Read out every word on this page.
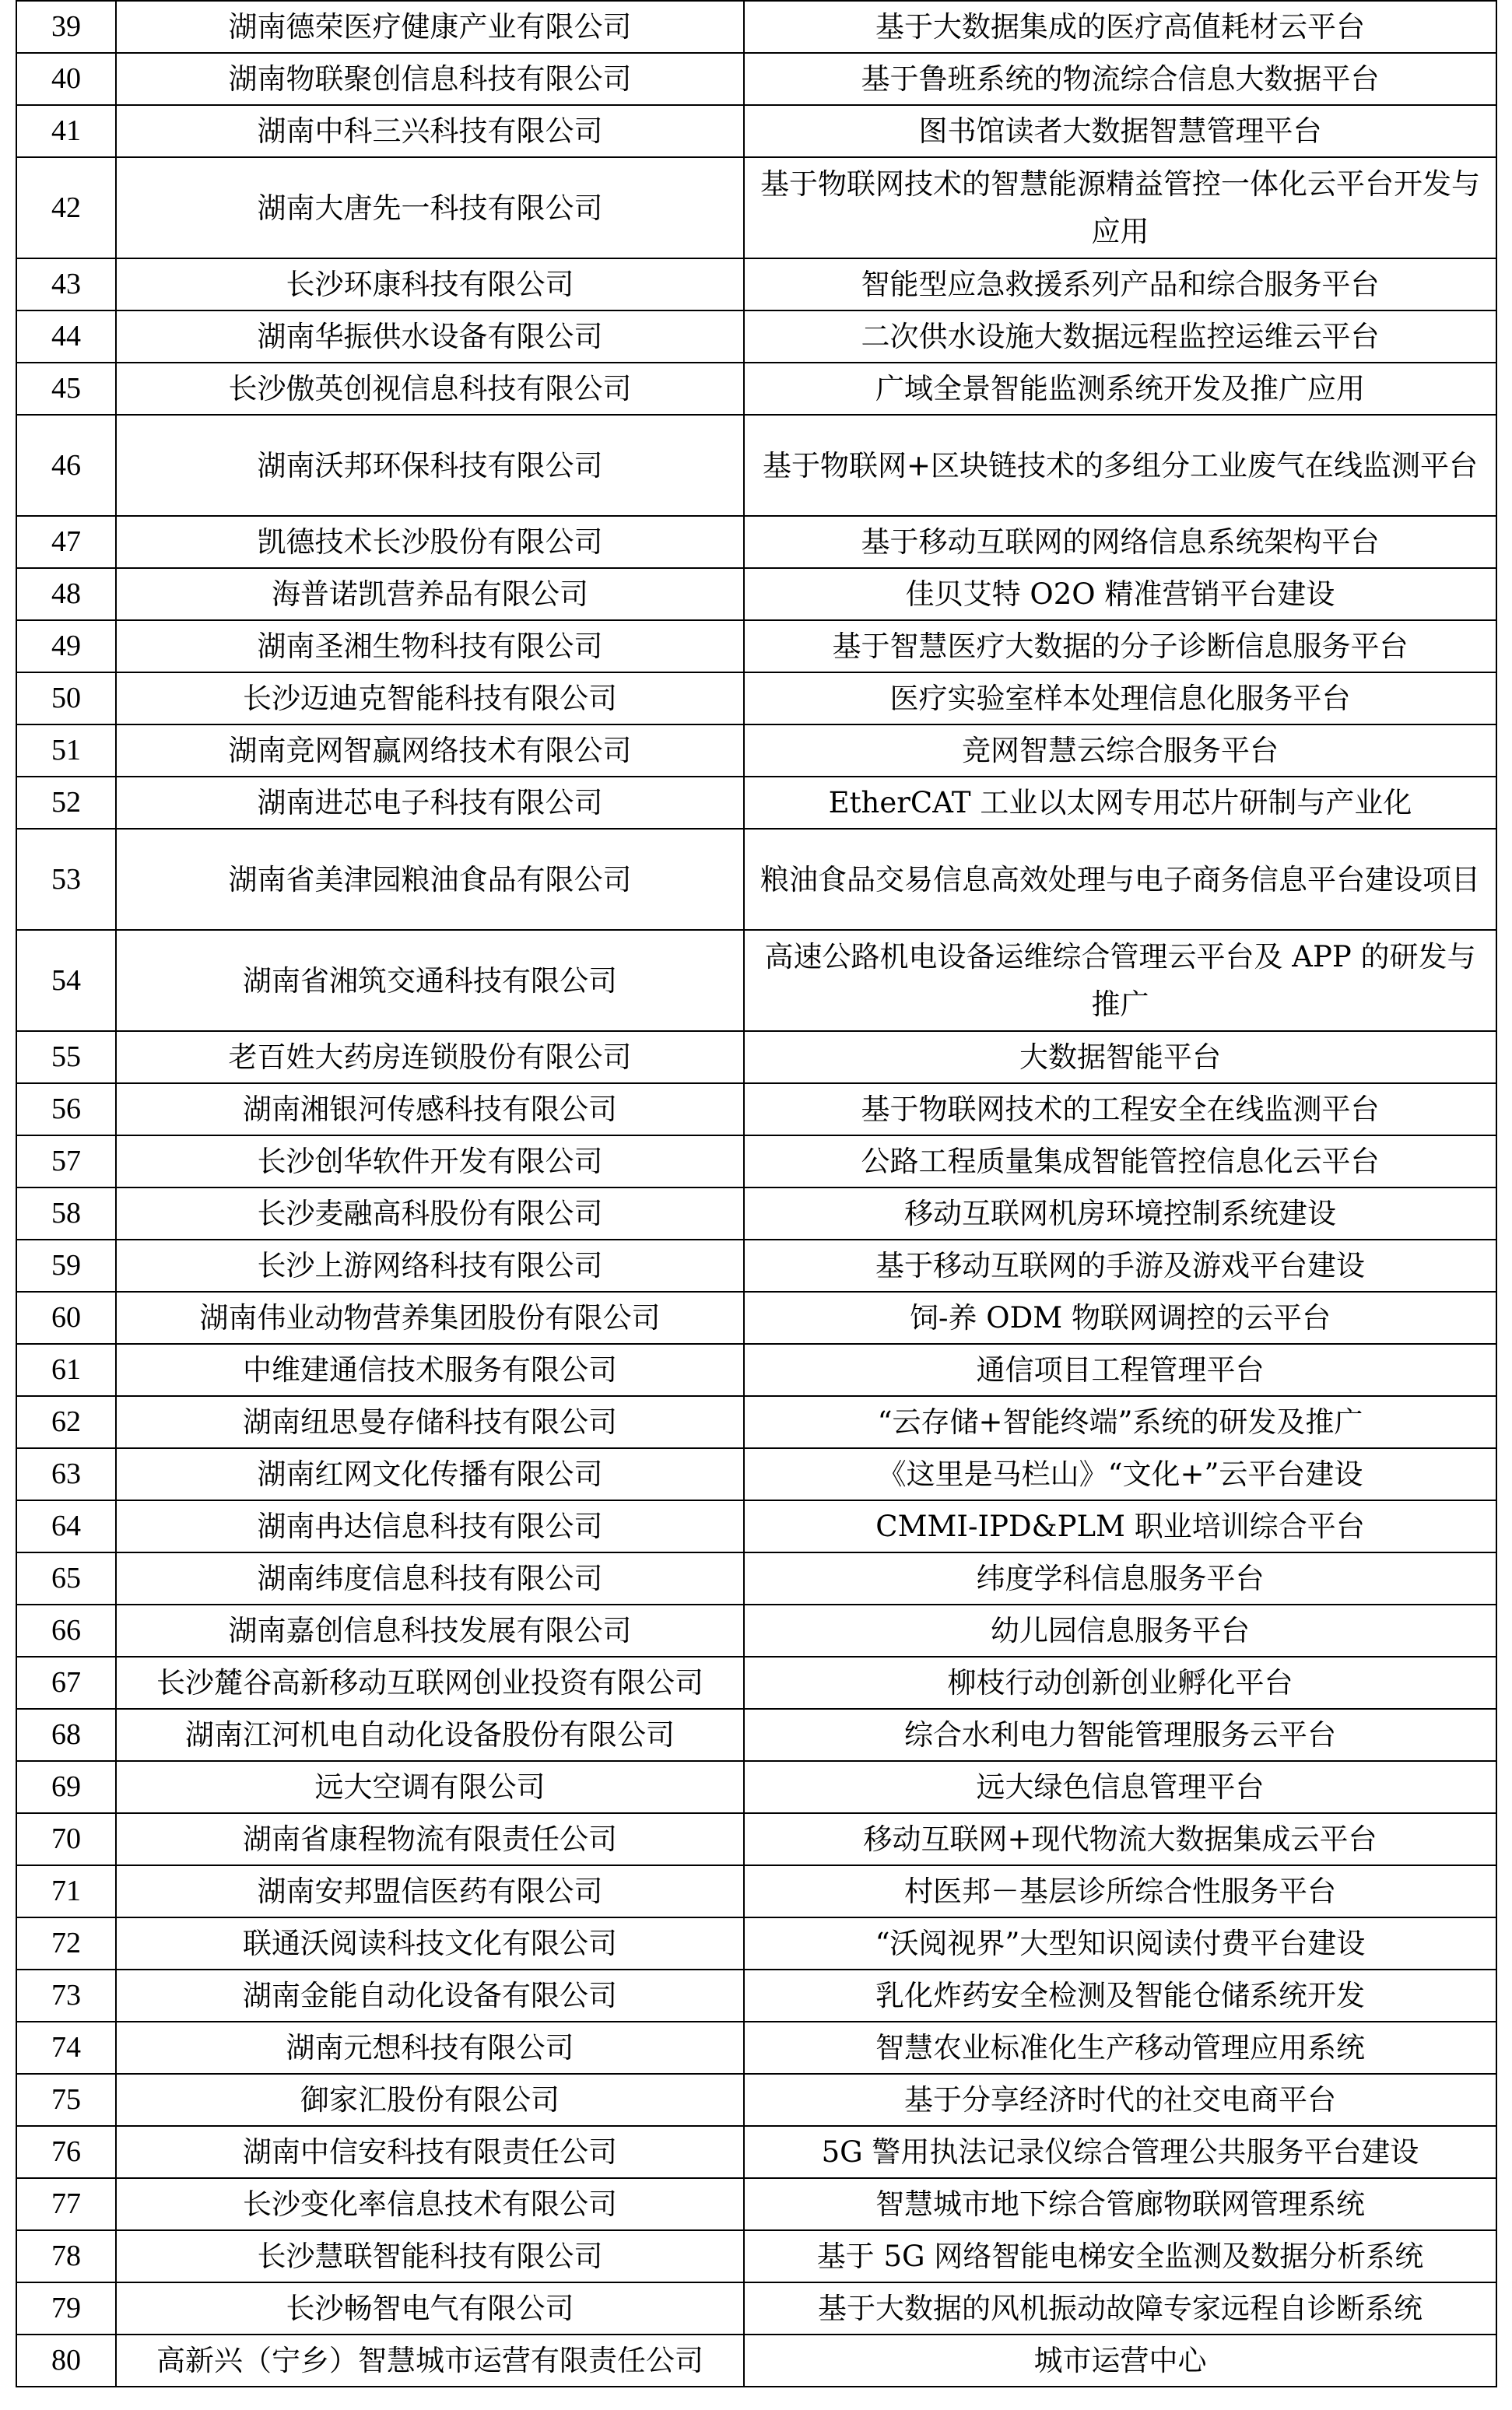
39	湖南德荣医疗健康产业有限公司	基于大数据集成的医疗高值耗材云平台
40	湖南物联聚创信息科技有限公司	基于鲁班系统的物流综合信息大数据平台
41	湖南中科三兴科技有限公司	图书馆读者大数据智慧管理平台
42	湖南大唐先一科技有限公司	基于物联网技术的智慧能源精益管控一体化云平台开发与应用
43	长沙环康科技有限公司	智能型应急救援系列产品和综合服务平台
44	湖南华振供水设备有限公司	二次供水设施大数据远程监控运维云平台
45	长沙傲英创视信息科技有限公司	广域全景智能监测系统开发及推广应用
46	湖南沃邦环保科技有限公司	基于物联网+区块链技术的多组分工业废气在线监测平台
47	凯德技术长沙股份有限公司	基于移动互联网的网络信息系统架构平台
48	海普诺凯营养品有限公司	佳贝艾特 O2O 精准营销平台建设
49	湖南圣湘生物科技有限公司	基于智慧医疗大数据的分子诊断信息服务平台
50	长沙迈迪克智能科技有限公司	医疗实验室样本处理信息化服务平台
51	湖南竞网智赢网络技术有限公司	竞网智慧云综合服务平台
52	湖南进芯电子科技有限公司	EtherCAT 工业以太网专用芯片研制与产业化
53	湖南省美津园粮油食品有限公司	粮油食品交易信息高效处理与电子商务信息平台建设项目
54	湖南省湘筑交通科技有限公司	高速公路机电设备运维综合管理云平台及 APP 的研发与推广
55	老百姓大药房连锁股份有限公司	大数据智能平台
56	湖南湘银河传感科技有限公司	基于物联网技术的工程安全在线监测平台
57	长沙创华软件开发有限公司	公路工程质量集成智能管控信息化云平台
58	长沙麦融高科股份有限公司	移动互联网机房环境控制系统建设
59	长沙上游网络科技有限公司	基于移动互联网的手游及游戏平台建设
60	湖南伟业动物营养集团股份有限公司	饲-养 ODM 物联网调控的云平台
61	中维建通信技术服务有限公司	通信项目工程管理平台
62	湖南纽思曼存储科技有限公司	“云存储+智能终端”系统的研发及推广
63	湖南红网文化传播有限公司	《这里是马栏山》“文化+”云平台建设
64	湖南冉达信息科技有限公司	CMMI-IPD&PLM 职业培训综合平台
65	湖南纬度信息科技有限公司	纬度学科信息服务平台
66	湖南嘉创信息科技发展有限公司	幼儿园信息服务平台
67	长沙麓谷高新移动互联网创业投资有限公司	柳枝行动创新创业孵化平台
68	湖南江河机电自动化设备股份有限公司	综合水利电力智能管理服务云平台
69	远大空调有限公司	远大绿色信息管理平台
70	湖南省康程物流有限责任公司	移动互联网+现代物流大数据集成云平台
71	湖南安邦盟信医药有限公司	村医邦－基层诊所综合性服务平台
72	联通沃阅读科技文化有限公司	“沃阅视界”大型知识阅读付费平台建设
73	湖南金能自动化设备有限公司	乳化炸药安全检测及智能仓储系统开发
74	湖南元想科技有限公司	智慧农业标准化生产移动管理应用系统
75	御家汇股份有限公司	基于分享经济时代的社交电商平台
76	湖南中信安科技有限责任公司	5G 警用执法记录仪综合管理公共服务平台建设
77	长沙变化率信息技术有限公司	智慧城市地下综合管廊物联网管理系统
78	长沙慧联智能科技有限公司	基于 5G 网络智能电梯安全监测及数据分析系统
79	长沙畅智电气有限公司	基于大数据的风机振动故障专家远程自诊断系统
80	高新兴（宁乡）智慧城市运营有限责任公司	城市运营中心
